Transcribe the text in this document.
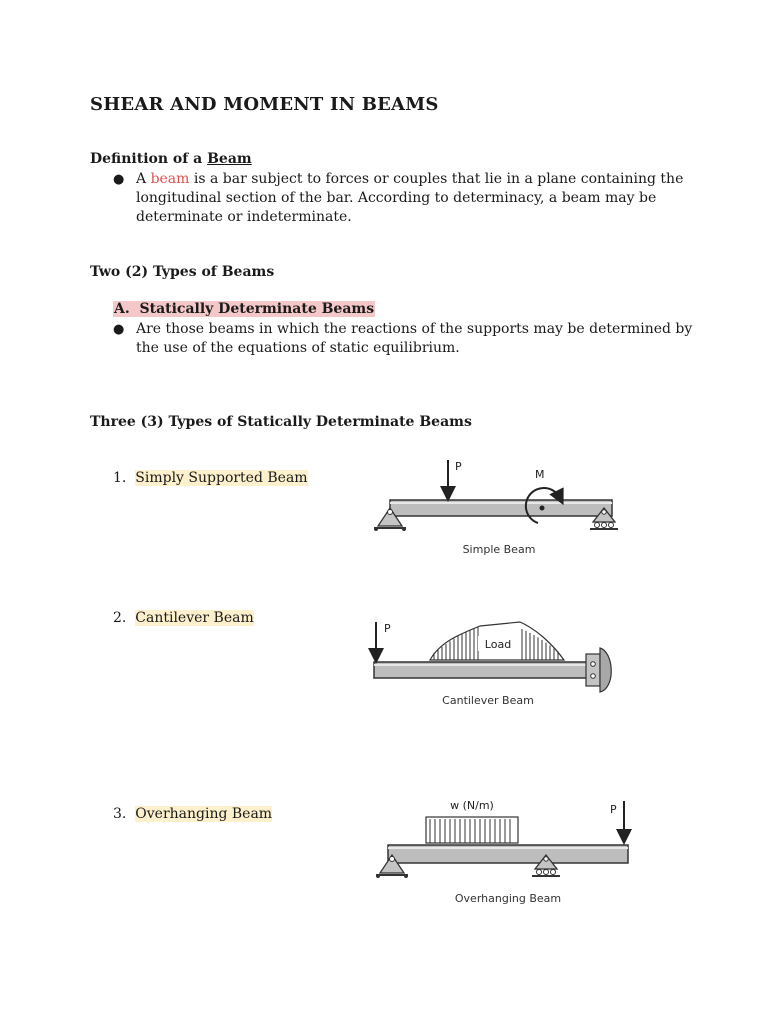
SHEAR AND MOMENT IN BEAMS
Definition of a Beam
● A beam is a bar subject to forces or couples that lie in a plane containing the
longitudinal section of the bar. According to determinacy, a beam may be
determinate or indeterminate.
Two (2) Types of Beams
A. Statically Determinate Beams
● Are those beams in which the reactions of the supports may be determined by
the use of the equations of static equilibrium.
Three (3) Types of Statically Determinate Beams
1. Simply Supported Beam
2. Cantilever Beam
3. Overhanging Beam
P
M
Simple Beam
Load
P
Cantilever Beam
w (N/m)	P
Overhanging Beam
